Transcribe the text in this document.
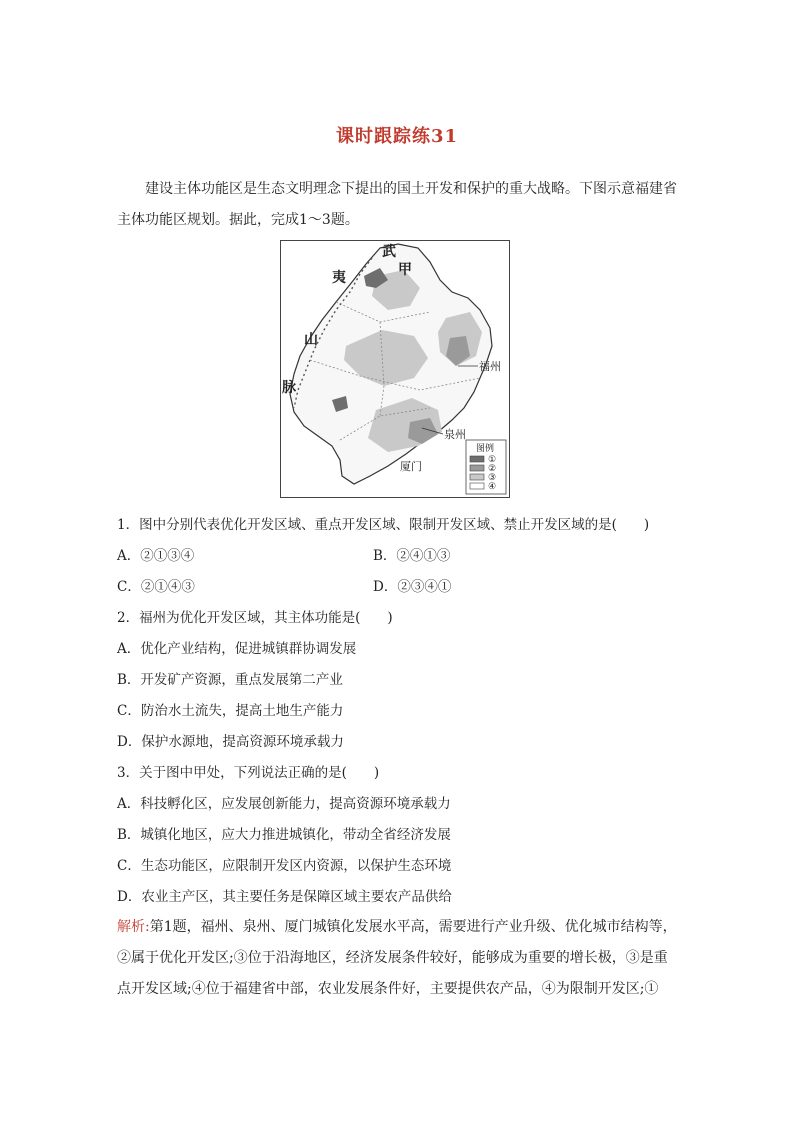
课时跟踪练31
建设主体功能区是生态文明理念下提出的国土开发和保护的重大战略。下图示意福建省主体功能区规划。据此，完成1～3题。
武
夷
山
脉
甲
福州
泉州
厦门
图例
①
②
③
④
1．图中分别代表优化开发区域、重点开发区域、限制开发区域、禁止开发区域的是(　　)
A．②①③④	B．②④①③
C．②①④③	D．②③④①
2．福州为优化开发区域，其主体功能是(　　)
A．优化产业结构，促进城镇群协调发展
B．开发矿产资源，重点发展第二产业
C．防治水土流失，提高土地生产能力
D．保护水源地，提高资源环境承载力
3．关于图中甲处，下列说法正确的是(　　)
A．科技孵化区，应发展创新能力，提高资源环境承载力
B．城镇化地区，应大力推进城镇化，带动全省经济发展
C．生态功能区，应限制开发区内资源，以保护生态环境
D．农业主产区，其主要任务是保障区域主要农产品供给
解析:第1题，福州、泉州、厦门城镇化发展水平高，需要进行产业升级、优化城市结构等，②属于优化开发区;③位于沿海地区，经济发展条件较好，能够成为重要的增长极，③是重点开发区域;④位于福建省中部，农业发展条件好，主要提供农产品，④为限制开发区;①
